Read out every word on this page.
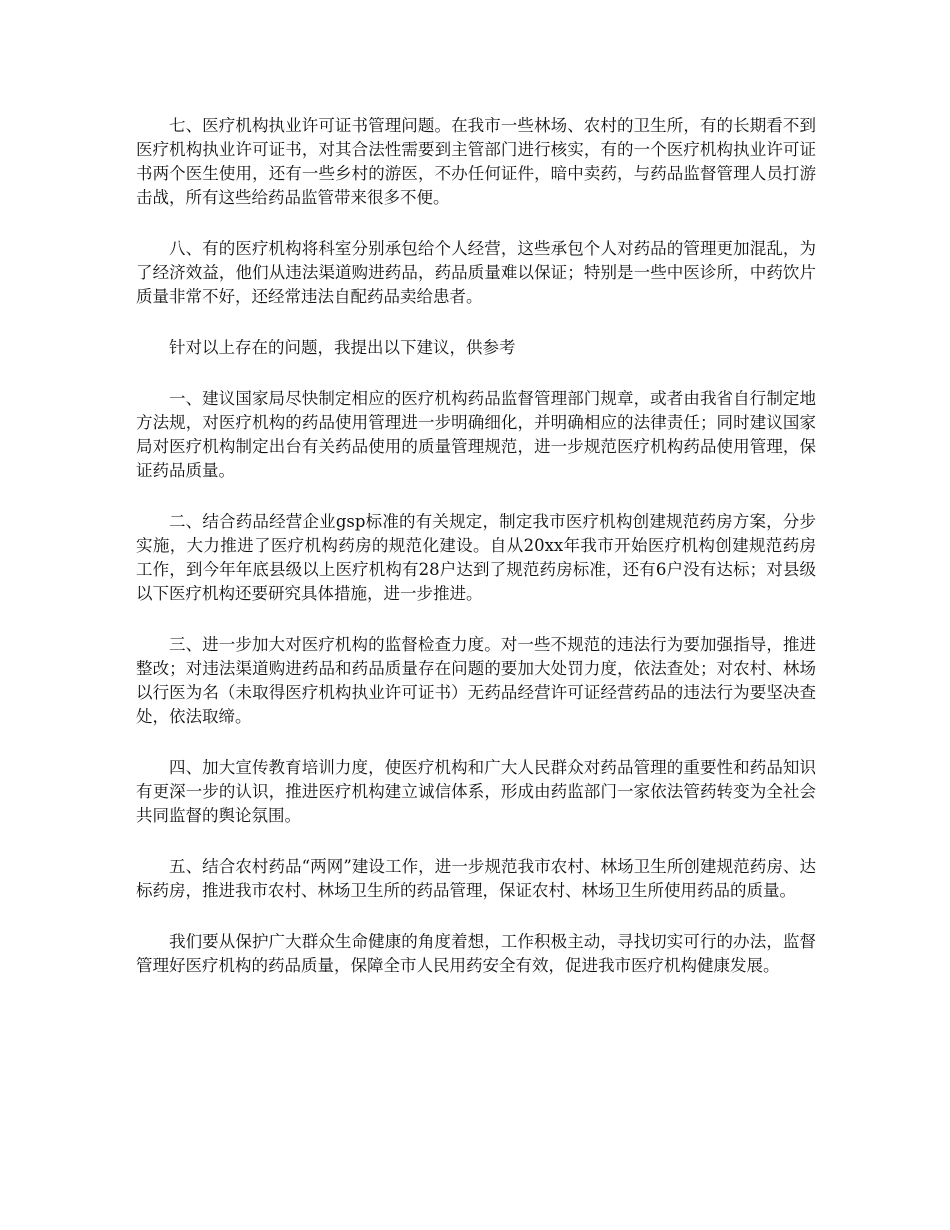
七、医疗机构执业许可证书管理问题。在我市一些林场、农村的卫生所，有的长期看不到医疗机构执业许可证书，对其合法性需要到主管部门进行核实，有的一个医疗机构执业许可证书两个医生使用，还有一些乡村的游医，不办任何证件，暗中卖药，与药品监督管理人员打游击战，所有这些给药品监管带来很多不便。

八、有的医疗机构将科室分别承包给个人经营，这些承包个人对药品的管理更加混乱，为了经济效益，他们从违法渠道购进药品，药品质量难以保证；特别是一些中医诊所，中药饮片质量非常不好，还经常违法自配药品卖给患者。

针对以上存在的问题，我提出以下建议，供参考

一、建议国家局尽快制定相应的医疗机构药品监督管理部门规章，或者由我省自行制定地方法规，对医疗机构的药品使用管理进一步明确细化，并明确相应的法律责任；同时建议国家局对医疗机构制定出台有关药品使用的质量管理规范，进一步规范医疗机构药品使用管理，保证药品质量。

二、结合药品经营企业gsp标准的有关规定，制定我市医疗机构创建规范药房方案，分步实施，大力推进了医疗机构药房的规范化建设。自从20xx年我市开始医疗机构创建规范药房工作，到今年年底县级以上医疗机构有28户达到了规范药房标准，还有6户没有达标；对县级以下医疗机构还要研究具体措施，进一步推进。

三、进一步加大对医疗机构的监督检查力度。对一些不规范的违法行为要加强指导，推进整改；对违法渠道购进药品和药品质量存在问题的要加大处罚力度，依法查处；对农村、林场以行医为名（未取得医疗机构执业许可证书）无药品经营许可证经营药品的违法行为要坚决查处，依法取缔。

四、加大宣传教育培训力度，使医疗机构和广大人民群众对药品管理的重要性和药品知识有更深一步的认识，推进医疗机构建立诚信体系，形成由药监部门一家依法管药转变为全社会共同监督的舆论氛围。

五、结合农村药品“两网”建设工作，进一步规范我市农村、林场卫生所创建规范药房、达标药房，推进我市农村、林场卫生所的药品管理，保证农村、林场卫生所使用药品的质量。

我们要从保护广大群众生命健康的角度着想，工作积极主动，寻找切实可行的办法，监督管理好医疗机构的药品质量，保障全市人民用药安全有效，促进我市医疗机构健康发展。
